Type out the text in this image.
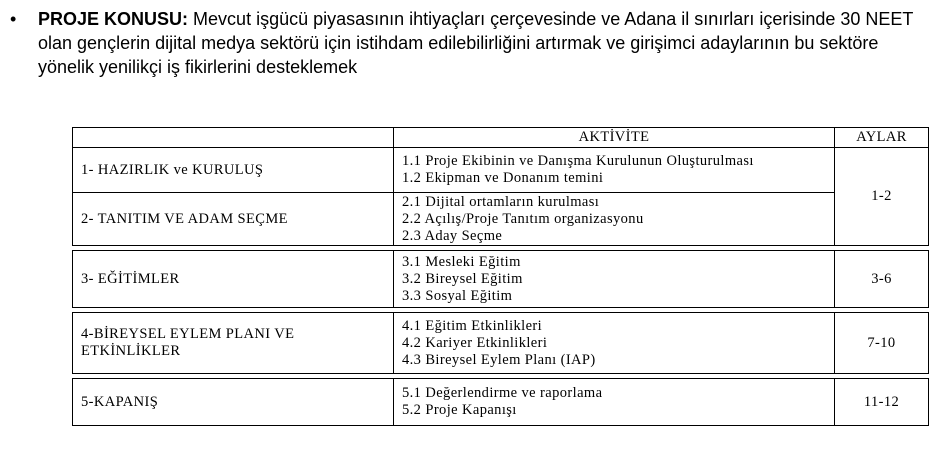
•	PROJE KONUSU: Mevcut işgücü piyasasının ihtiyaçları çerçevesinde ve Adana il sınırları içerisinde 30 NEET olan gençlerin dijital medya sektörü için istihdam edilebilirliğini artırmak ve girişimci adaylarının bu sektöre yönelik yenilikçi iş fikirlerini desteklemek
	AKTİVİTE	AYLAR
1- HAZIRLIK ve KURULUŞ	1.1 Proje Ekibinin ve Danışma Kurulunun Oluşturulması
1.2 Ekipman ve Donanım temini	1-2
2- TANITIM VE ADAM SEÇME	2.1 Dijital ortamların kurulması
2.2 Açılış/Proje Tanıtım organizasyonu
2.3 Aday Seçme	

3- EĞİTİMLER	3.1 Mesleki Eğitim
3.2 Bireysel Eğitim
3.3 Sosyal Eğitim	3-6

4-BİREYSEL EYLEM PLANI VE ETKİNLİKLER	4.1 Eğitim Etkinlikleri
4.2 Kariyer Etkinlikleri
4.3 Bireysel Eylem Planı (IAP)	7-10

5-KAPANIŞ	5.1 Değerlendirme ve raporlama
5.2 Proje Kapanışı	11-12
